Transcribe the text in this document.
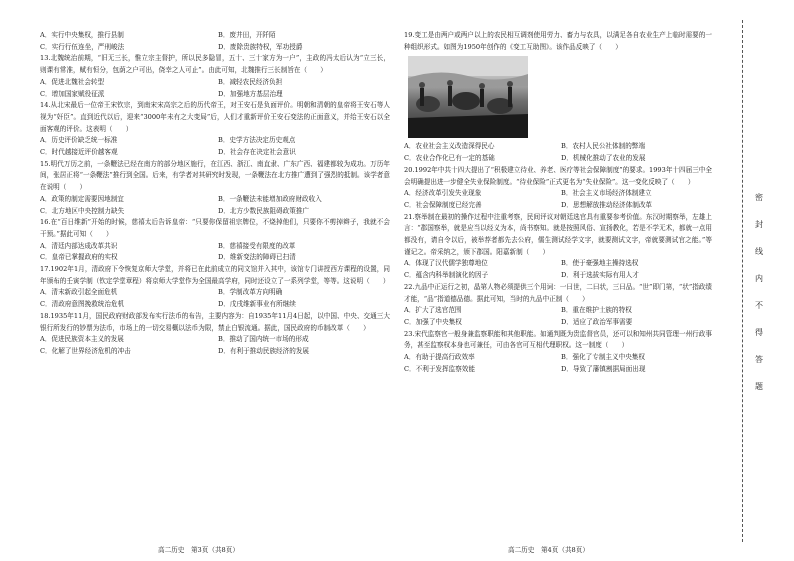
A．实行中央集权，推行县制	B．废井田，开阡陌
C．实行行伍连坐，严刑峻法	D．废除贵族特权，军功授爵

13.北魏统治前期，“旧无三长，惟立宗主督护，所以民多隐冒，五十、三十家方为一户”，主政的冯太后认为“立三长，则课有常准，赋有恒分，包荫之户可出，侥幸之人可止”。由此可知，北魏推行三长制旨在（　　）

A．促进北魏社会转型	B．减轻农民经济负担
C．增加国家赋役征派	D．加强地方基层治理

14.从北宋最后一位帝王宋钦宗，到南宋宋高宗之后的历代帝王，对王安石是负面评价。明朝和清朝的皇帝将王安石等人视为“奸臣”。直到近代以后，迎来“3000年未有之大变局”后，人们才重新评价王安石变法的正面意义，并给王安石以全面客观的评价。这表明（　　）

A．历史评价缺乏统一标准	B．史学方法决定历史观点
C．时代越接近评价越客观	D．社会存在决定社会意识

15.明代万历之前，一条鞭法已经在南方的部分地区施行，在江西、浙江、南直隶、广东广西、福建都较为成功。万历年间，张居正将“一条鞭法”推行到全国。后来，有学者对其研究时发现，一条鞭法在北方推广遭到了强烈的抵制。该学者意在说明（　　）

A．政策的制定需要因地制宜	B．一条鞭法未能增加政府财政收入
C．北方地区中央控制力缺失	D．北方少数民族阻碍政策推广

16.在“百日维新”开始的时候，慈禧太后告诉皇帝：“只要你保留祖宗牌位，不烧掉他们，只要你不剪掉辫子，我就不会干预。”据此可知（　　）

A．清廷内部达成改革共识	B．慈禧接受有限度的改革
C．皇帝已掌握政府的实权	D．维新变法的障碍已扫清

17.1902年1月，清政府下令恢复京师大学堂，并将已在此前成立的同文馆并入其中，该馆专门讲授西方课程的设置，同年颁布的壬寅学制（钦定学堂章程）将京师大学堂作为全国最高学府，同时还设立了一系列学堂，等等。这说明（　　）

A．清末新政引起全面危机	B．学制改革方向明确
C．清政府意图挽救统治危机	D．戊戌维新事业有所继续

18.1935年11月，国民政府财政部发布实行法币的布告，主要内容为：自1935年11月4日起，以中国、中央、交通三大银行所发行的钞票为法币，市场上的一切交易概以法币为限，禁止白银流通。据此，国民政府的币制改革（　　）

A．促进民族资本主义的发展	B．推动了国内统一市场的形成
C．化解了世界经济危机的冲击	D．有利于推动民族经济的发展

19.变工是由两户或两户以上的农民相互调剂使用劳力、畜力与农具，以满足各自农业生产上临时需要的一种组织形式。如图为1950年创作的《变工互助图》。该作品反映了（　　）

A．农业社会主义改造深得民心	B．农村人民公社体制的弊端
C．农业合作化已有一定的基础	D．机械化推动了农业的发展

20.1992年中共十四大提出了“积极建立待业、养老、医疗等社会保障制度”的要求。1993年十四届三中全会明确提出进一步健全失业保险制度。“待业保险”正式更名为“失业保险”。这一变化反映了（　　）

A．经济改革引发失业现象	B．社会主义市场经济体制建立
C．社会保障制度已经完善	D．思想解放推动经济体制改革

21.察举制在最初的操作过程中注重考察，民间评议对朝廷选官具有重要参考价值。东汉时期察举，左雄上言：“郡国察举，就是应当以经义为本，尚书察知。就是按照风俗、宣扬教化，若是不学无术，都就一点用都没有，请自令以后，被举荐者都先去公府，儒生测试经学文字，就要测试文字，帝就要测试官之能。”等谨记之。帝采纳之，颁下郡国。阳嘉新制（　　）

A．体现了汉代儒学独尊地位	B．使于豪强地主操持选权
C．蕴含内科举制演化的因子	D．利于选拔实际有用人才

22.九品中正运行之初，晶第人物必须提供三个用词：一曰世，二曰状，三曰品。“世”即门第，“状”指政绩才能，“品”指道德品德。据此可知，当时的九品中正制（　　）

A．扩大了选官范围	B．重在维护士族的特权
C．加强了中央集权	D．适应了政治军事需要

23.宋代监察官一般身兼监察职能和其他职能。如通判既为贵监督官员，还可以和知州共同管理一州行政事务，甚至监察权本身也可兼任，可由各官可互相代理职权。这一制度（　　）

A．有助于提高行政效率	B．强化了专制主义中央集权
C．不利于发挥监察效能	D．导致了藩镇割据局面出现
高二历史　第3页（共8页）	高二历史　第4页（共8页）
密
封
线
内
不
得
答
题
